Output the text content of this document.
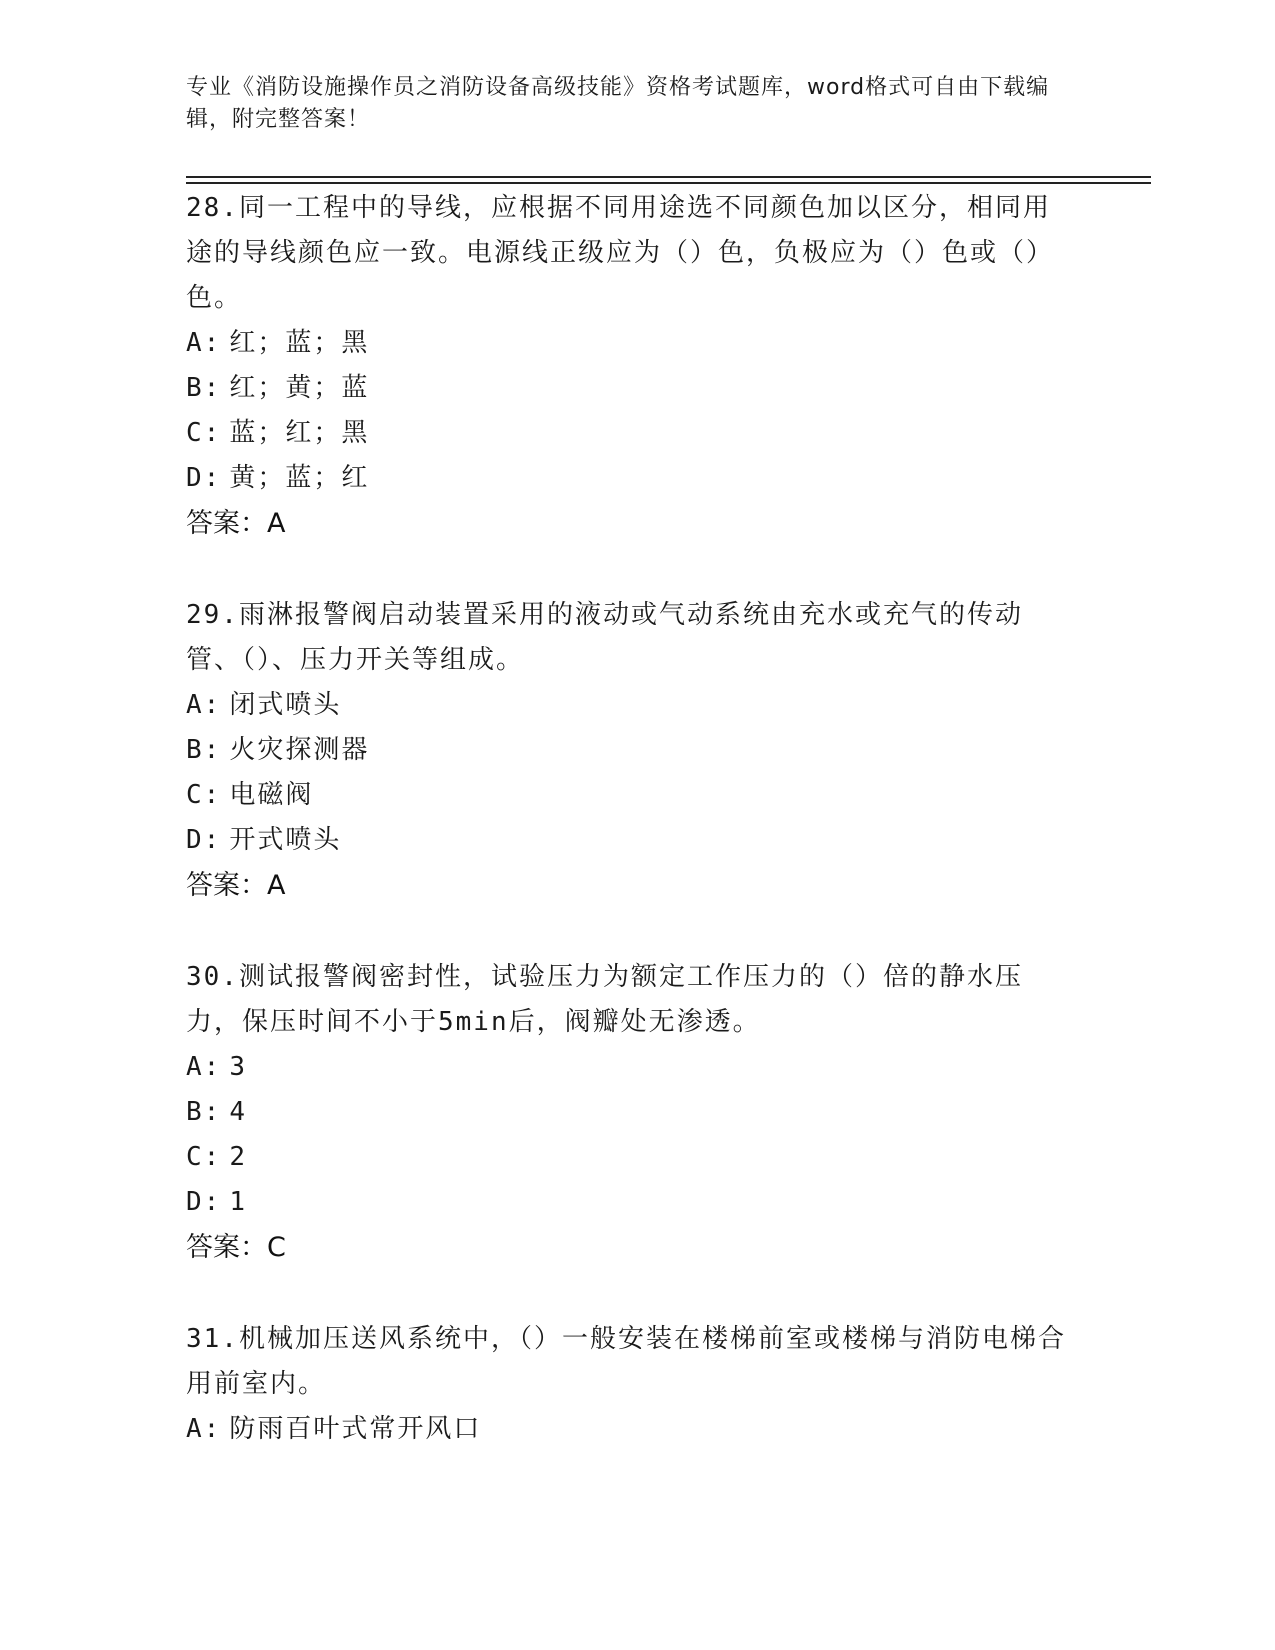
专业《消防设施操作员之消防设备高级技能》资格考试题库，word格式可自由下载编辑，附完整答案！

28.同一工程中的导线，应根据不同用途选不同颜色加以区分，相同用途的导线颜色应一致。电源线正级应为（）色，负极应为（）色或（）色。

A: 红；蓝；黑

B: 红；黄；蓝

C: 蓝；红；黑

D: 黄；蓝；红

答案：A

29.雨淋报警阀启动装置采用的液动或气动系统由充水或充气的传动管、（）、压力开关等组成。

A: 闭式喷头

B: 火灾探测器

C: 电磁阀

D: 开式喷头

答案：A

30.测试报警阀密封性，试验压力为额定工作压力的（）倍的静水压力，保压时间不小于5min后，阀瓣处无渗透。

A: 3

B: 4

C: 2

D: 1

答案：C

31.机械加压送风系统中，（）一般安装在楼梯前室或楼梯与消防电梯合用前室内。

A: 防雨百叶式常开风口
